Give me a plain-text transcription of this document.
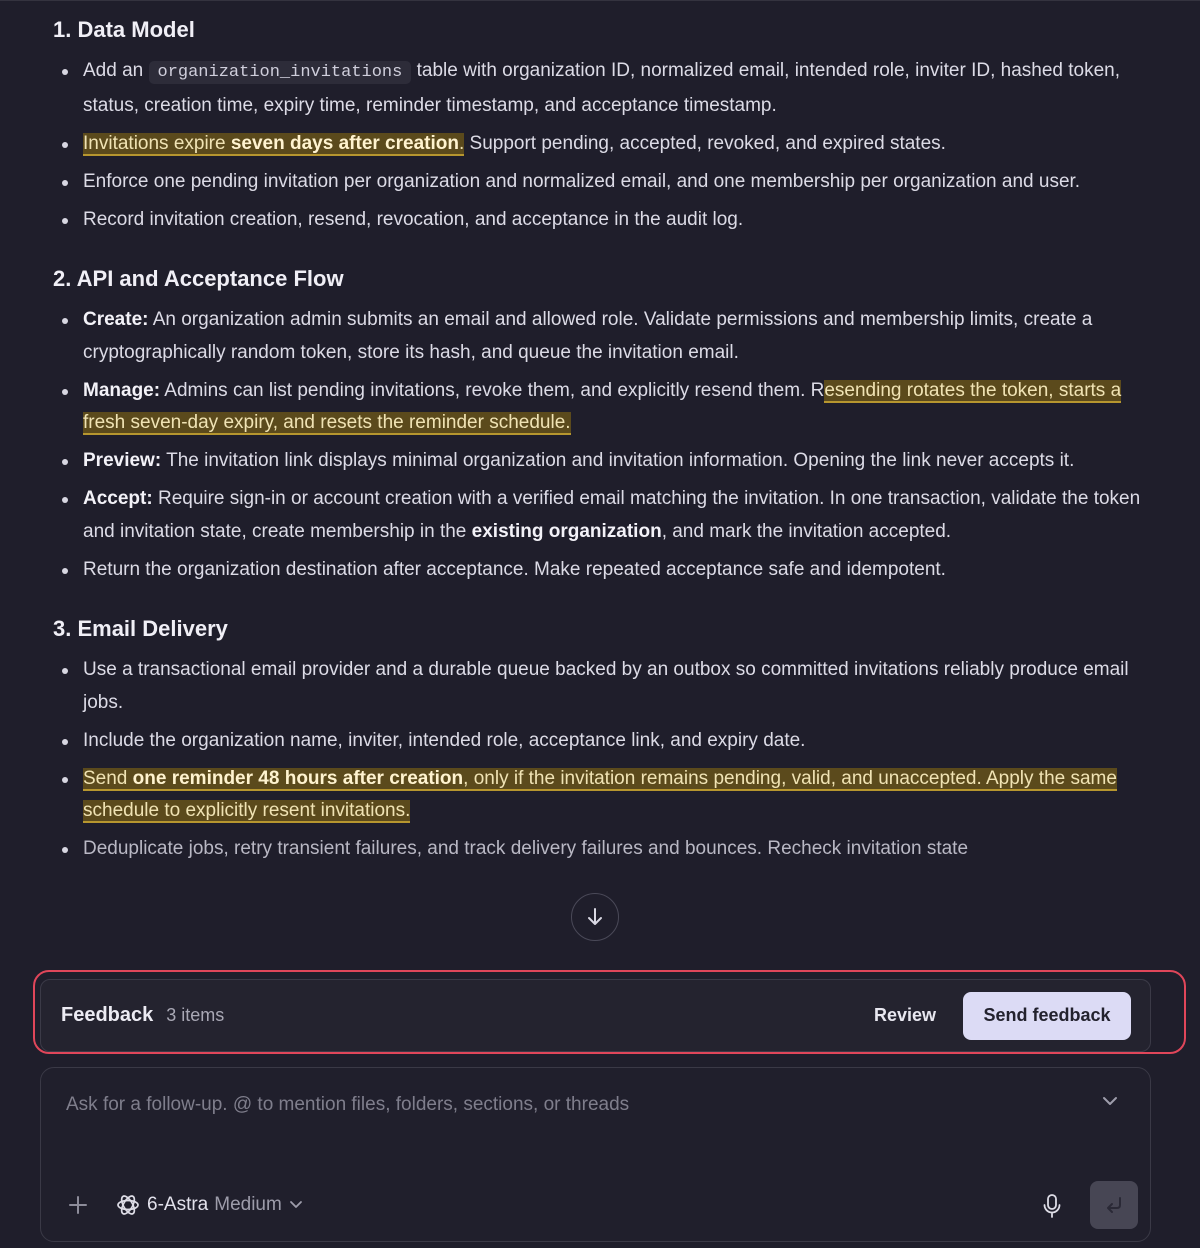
1. Data Model
Add an organization_invitations table with organization ID, normalized email, intended role, inviter ID, hashed token, status, creation time, expiry time, reminder timestamp, and acceptance timestamp.
Invitations expire seven days after creation. Support pending, accepted, revoked, and expired states.
Enforce one pending invitation per organization and normalized email, and one membership per organization and user.
Record invitation creation, resend, revocation, and acceptance in the audit log.
2. API and Acceptance Flow
Create: An organization admin submits an email and allowed role. Validate permissions and membership limits, create a cryptographically random token, store its hash, and queue the invitation email.
Manage: Admins can list pending invitations, revoke them, and explicitly resend them. Resending rotates the token, starts a fresh seven-day expiry, and resets the reminder schedule.
Preview: The invitation link displays minimal organization and invitation information. Opening the link never accepts it.
Accept: Require sign-in or account creation with a verified email matching the invitation. In one transaction, validate the token and invitation state, create membership in the existing organization, and mark the invitation accepted.
Return the organization destination after acceptance. Make repeated acceptance safe and idempotent.
3. Email Delivery
Use a transactional email provider and a durable queue backed by an outbox so committed invitations reliably produce email jobs.
Include the organization name, inviter, intended role, acceptance link, and expiry date.
Send one reminder 48 hours after creation, only if the invitation remains pending, valid, and unaccepted. Apply the same schedule to explicitly resent invitations.
Deduplicate jobs, retry transient failures, and track delivery failures and bounces. Recheck invitation state
Feedback 3 items	Review	Send feedback
Ask for a follow-up. @ to mention files, folders, sections, or threads
6-Astra Medium
